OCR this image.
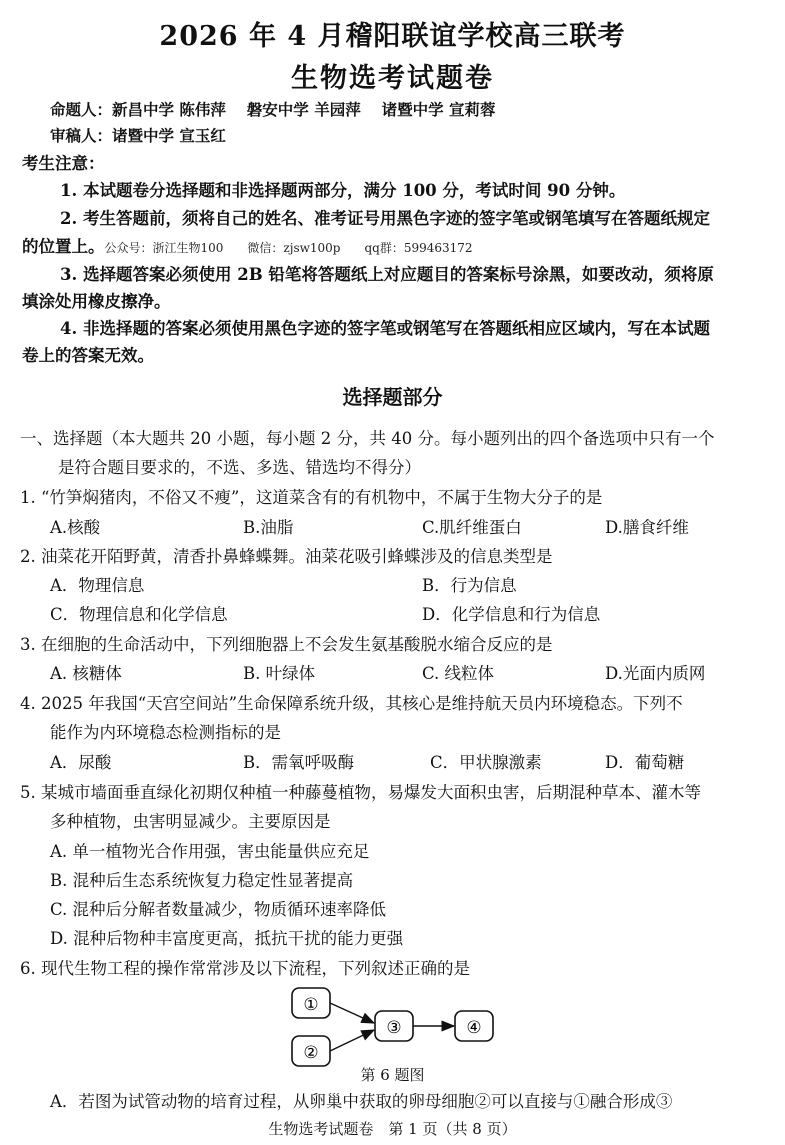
2026 年 4 月稽阳联谊学校高三联考
生物选考试题卷
命题人：新昌中学 陈伟萍　 磐安中学 羊园萍　 诸暨中学 宣莉蓉
审稿人：诸暨中学 宣玉红
考生注意：
1. 本试题卷分选择题和非选择题两部分，满分 100 分，考试时间 90 分钟。
2. 考生答题前，须将自己的姓名、准考证号用黑色字迹的签字笔或钢笔填写在答题纸规定
的位置上。公众号：浙江生物100　　微信：zjsw100p　　qq群：599463172
3. 选择题答案必须使用 2B 铅笔将答题纸上对应题目的答案标号涂黑，如要改动，须将原
填涂处用橡皮擦净。
4. 非选择题的答案必须使用黑色字迹的签字笔或钢笔写在答题纸相应区域内，写在本试题
卷上的答案无效。
选择题部分
一、选择题（本大题共 20 小题，每小题 2 分，共 40 分。每小题列出的四个备选项中只有一个
是符合题目要求的，不选、多选、错选均不得分）
1. “竹笋焖猪肉，不俗又不瘦”，这道菜含有的有机物中，不属于生物大分子的是
A.核酸	B.油脂	C.肌纤维蛋白	D.膳食纤维
2. 油菜花开陌野黄，清香扑鼻蜂蝶舞。油菜花吸引蜂蝶涉及的信息类型是
A．物理信息	B．行为信息
C．物理信息和化学信息	D．化学信息和行为信息
3. 在细胞的生命活动中，下列细胞器上不会发生氨基酸脱水缩合反应的是
A. 核糖体	B. 叶绿体	C. 线粒体	D.光面内质网
4. 2025 年我国“天宫空间站”生命保障系统升级，其核心是维持航天员内环境稳态。下列不
能作为内环境稳态检测指标的是
A．尿酸	B．需氧呼吸酶	C．甲状腺激素	D．葡萄糖
5. 某城市墙面垂直绿化初期仅种植一种藤蔓植物，易爆发大面积虫害，后期混种草本、灌木等
多种植物，虫害明显减少。主要原因是
A. 单一植物光合作用强，害虫能量供应充足
B. 混种后生态系统恢复力稳定性显著提高
C. 混种后分解者数量减少，物质循环速率降低
D. 混种后物种丰富度更高，抵抗干扰的能力更强
6. 现代生物工程的操作常常涉及以下流程，下列叙述正确的是
①
②
③	④
第 6 题图
A．若图为试管动物的培育过程，从卵巢中获取的卵母细胞②可以直接与①融合形成③
生物选考试题卷　第 1 页（共 8 页）
